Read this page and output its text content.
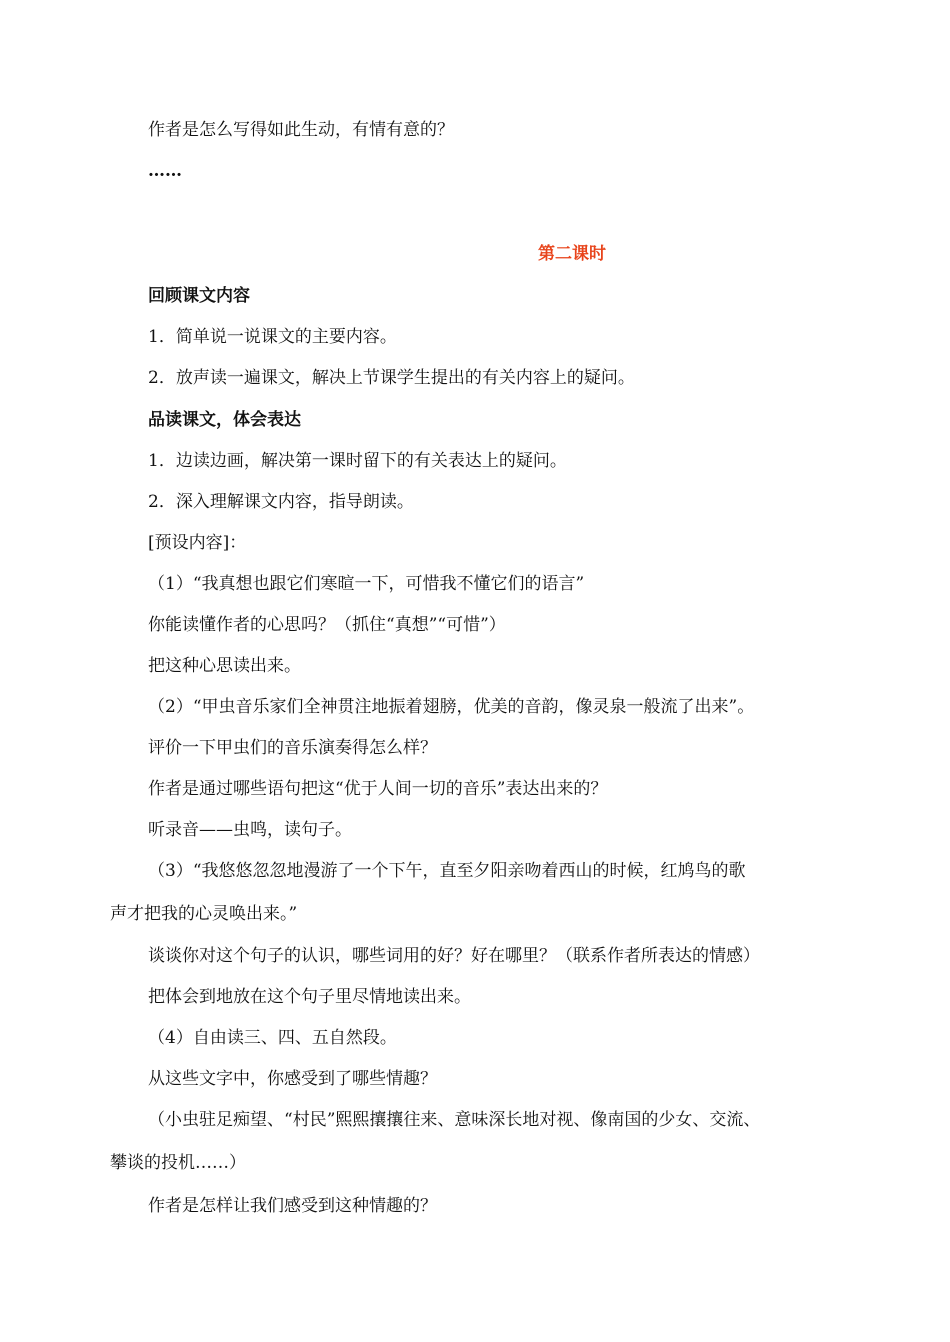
作者是怎么写得如此生动，有情有意的？
……
第二课时
回顾课文内容
1．简单说一说课文的主要内容。
2．放声读一遍课文，解决上节课学生提出的有关内容上的疑问。
品读课文，体会表达
1．边读边画，解决第一课时留下的有关表达上的疑问。
2．深入理解课文内容，指导朗读。
[预设内容]：
（1）“我真想也跟它们寒暄一下，可惜我不懂它们的语言”
你能读懂作者的心思吗？（抓住“真想”“可惜”）
把这种心思读出来。
（2）“甲虫音乐家们全神贯注地振着翅膀，优美的音韵，像灵泉一般流了出来”。
评价一下甲虫们的音乐演奏得怎么样？
作者是通过哪些语句把这“优于人间一切的音乐”表达出来的？
听录音——虫鸣，读句子。
（3）“我悠悠忽忽地漫游了一个下午，直至夕阳亲吻着西山的时候，红鸠鸟的歌
声才把我的心灵唤出来。”
谈谈你对这个句子的认识，哪些词用的好？好在哪里？（联系作者所表达的情感）
把体会到地放在这个句子里尽情地读出来。
（4）自由读三、四、五自然段。
从这些文字中，你感受到了哪些情趣？
（小虫驻足痴望、“村民”熙熙攘攘往来、意味深长地对视、像南国的少女、交流、
攀谈的投机……）
作者是怎样让我们感受到这种情趣的？
